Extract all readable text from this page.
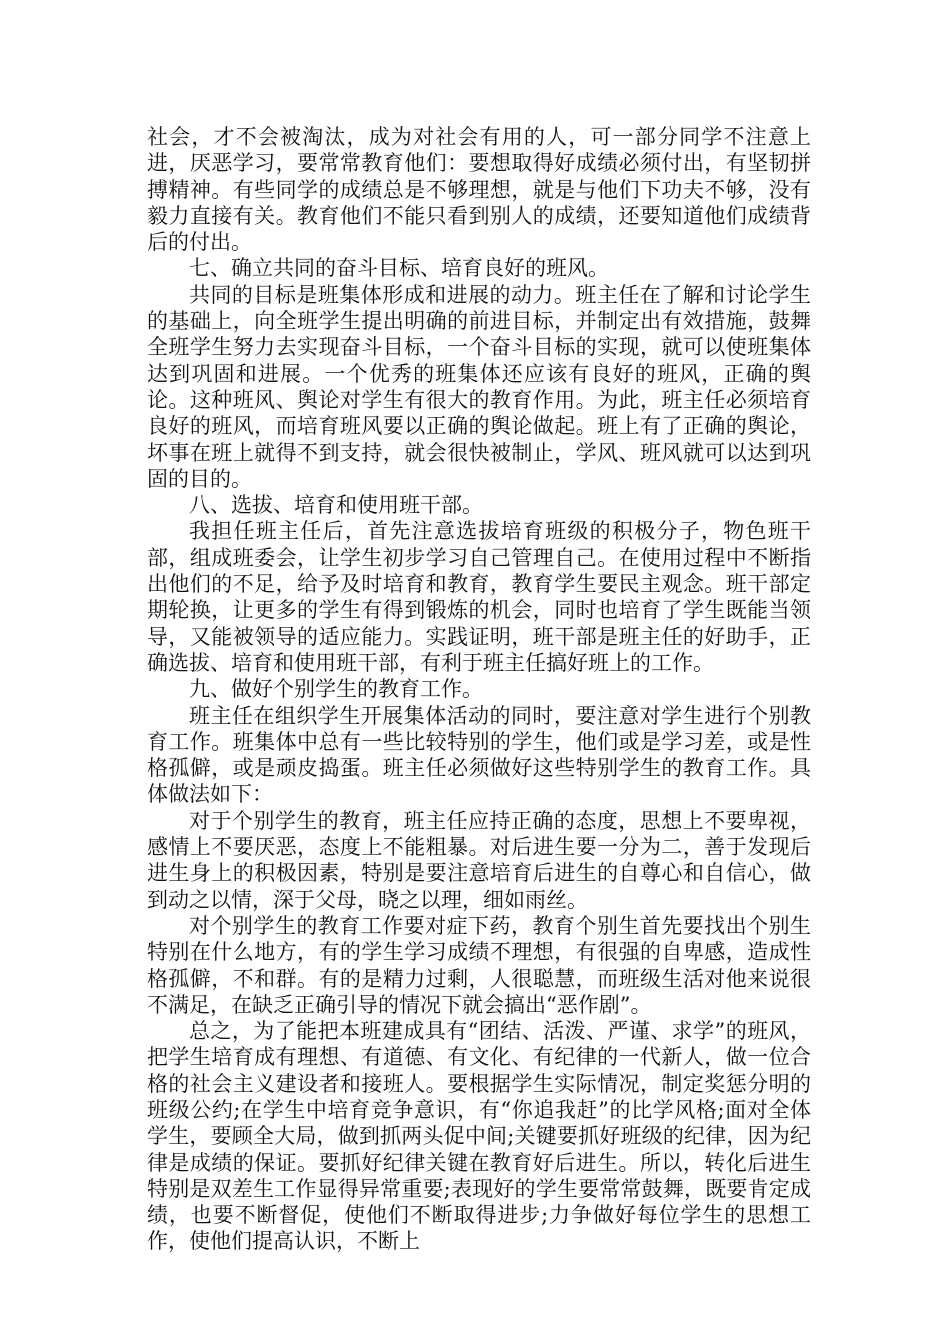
社会，才不会被淘汰，成为对社会有用的人，可一部分同学不注意上进，厌恶学习，要常常教育他们：要想取得好成绩必须付出，有坚韧拼搏精神。有些同学的成绩总是不够理想，就是与他们下功夫不够，没有毅力直接有关。教育他们不能只看到别人的成绩，还要知道他们成绩背后的付出。

七、确立共同的奋斗目标、培育良好的班风。

共同的目标是班集体形成和进展的动力。班主任在了解和讨论学生的基础上，向全班学生提出明确的前进目标，并制定出有效措施，鼓舞全班学生努力去实现奋斗目标，一个奋斗目标的实现，就可以使班集体达到巩固和进展。一个优秀的班集体还应该有良好的班风，正确的舆论。这种班风、舆论对学生有很大的教育作用。为此，班主任必须培育良好的班风，而培育班风要以正确的舆论做起。班上有了正确的舆论，坏事在班上就得不到支持，就会很快被制止，学风、班风就可以达到巩固的目的。

八、选拔、培育和使用班干部。

我担任班主任后，首先注意选拔培育班级的积极分子，物色班干部，组成班委会，让学生初步学习自己管理自己。在使用过程中不断指出他们的不足，给予及时培育和教育，教育学生要民主观念。班干部定期轮换，让更多的学生有得到锻炼的机会，同时也培育了学生既能当领导，又能被领导的适应能力。实践证明，班干部是班主任的好助手，正确选拔、培育和使用班干部，有利于班主任搞好班上的工作。

九、做好个别学生的教育工作。

班主任在组织学生开展集体活动的同时，要注意对学生进行个别教育工作。班集体中总有一些比较特别的学生，他们或是学习差，或是性格孤僻，或是顽皮捣蛋。班主任必须做好这些特别学生的教育工作。具体做法如下：

对于个别学生的教育，班主任应持正确的态度，思想上不要卑视，感情上不要厌恶，态度上不能粗暴。对后进生要一分为二，善于发现后进生身上的积极因素，特别是要注意培育后进生的自尊心和自信心，做到动之以情，深于父母，晓之以理，细如雨丝。

对个别学生的教育工作要对症下药，教育个别生首先要找出个别生特别在什么地方，有的学生学习成绩不理想，有很强的自卑感，造成性格孤僻，不和群。有的是精力过剩，人很聪慧，而班级生活对他来说很不满足，在缺乏正确引导的情况下就会搞出“恶作剧”。

总之，为了能把本班建成具有“团结、活泼、严谨、求学”的班风，把学生培育成有理想、有道德、有文化、有纪律的一代新人，做一位合格的社会主义建设者和接班人。要根据学生实际情况，制定奖惩分明的班级公约;在学生中培育竞争意识，有“你追我赶”的比学风格;面对全体学生，要顾全大局，做到抓两头促中间;关键要抓好班级的纪律，因为纪律是成绩的保证。要抓好纪律关键在教育好后进生。所以，转化后进生特别是双差生工作显得异常重要;表现好的学生要常常鼓舞，既要肯定成绩，也要不断督促，使他们不断取得进步;力争做好每位学生的思想工作，使他们提高认识，不断上
